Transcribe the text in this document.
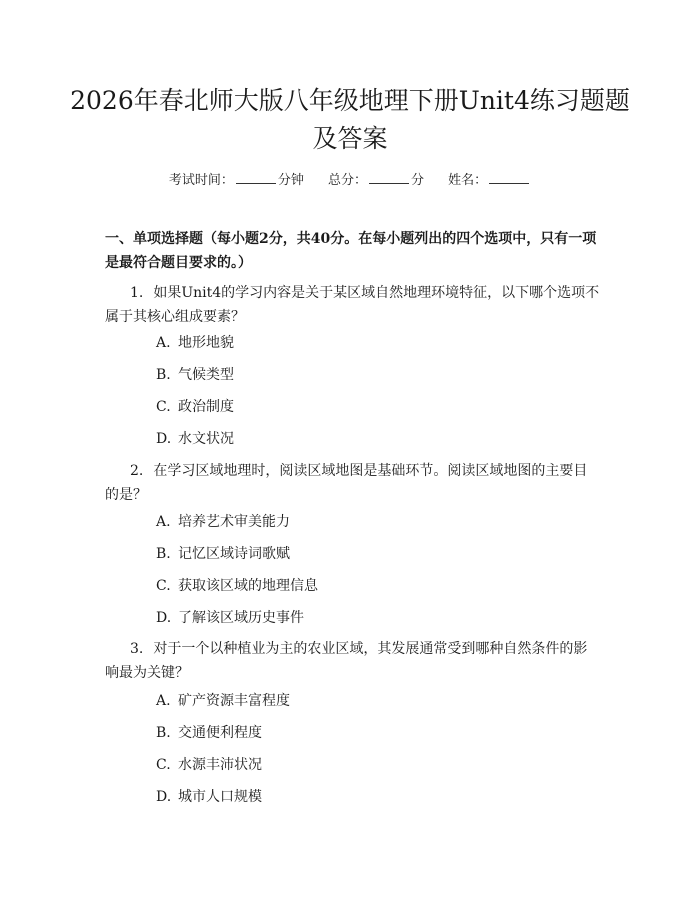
2026年春北师大版八年级地理下册Unit4练习题题及答案
考试时间：	分钟 总分：	分 姓名：

一、单项选择题（每小题2分，共40分。在每小题列出的四个选项中，只有一项是最符合题目要求的。）

1. 如果Unit4的学习内容是关于某区域自然地理环境特征，以下哪个选项不属于其核心组成要素？

A. 地形地貌

B. 气候类型

C. 政治制度

D. 水文状况

2. 在学习区域地理时，阅读区域地图是基础环节。阅读区域地图的主要目的是？

A. 培养艺术审美能力

B. 记忆区域诗词歌赋

C. 获取该区域的地理信息

D. 了解该区域历史事件

3. 对于一个以种植业为主的农业区域，其发展通常受到哪种自然条件的影响最为关键？

A. 矿产资源丰富程度

B. 交通便利程度

C. 水源丰沛状况

D. 城市人口规模
